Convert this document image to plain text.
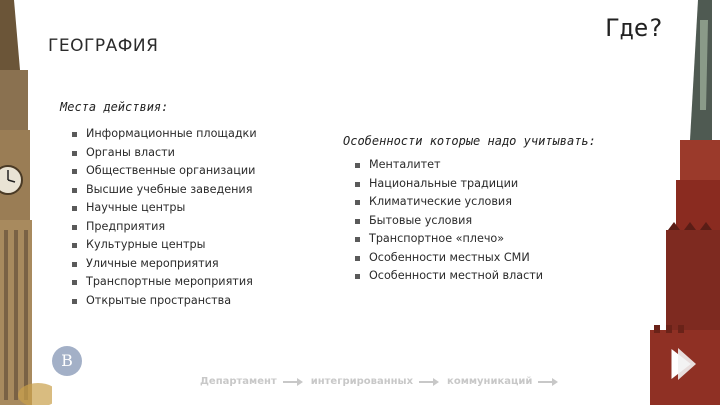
ГЕОГРАФИЯ
Где?
Места действия:
Информационные площадки
Органы власти
Общественные организации
Высшие учебные заведения
Научные центры
Предприятия
Культурные центры
Уличные мероприятия
Транспортные мероприятия
Открытые пространства
Особенности которые надо учитывать:
Менталитет
Национальные традиции
Климатические условия
Бытовые условия
Транспортное «плечо»
Особенности местных СМИ
Особенности местной власти
В
Департамент	интегрированных	коммуникаций
